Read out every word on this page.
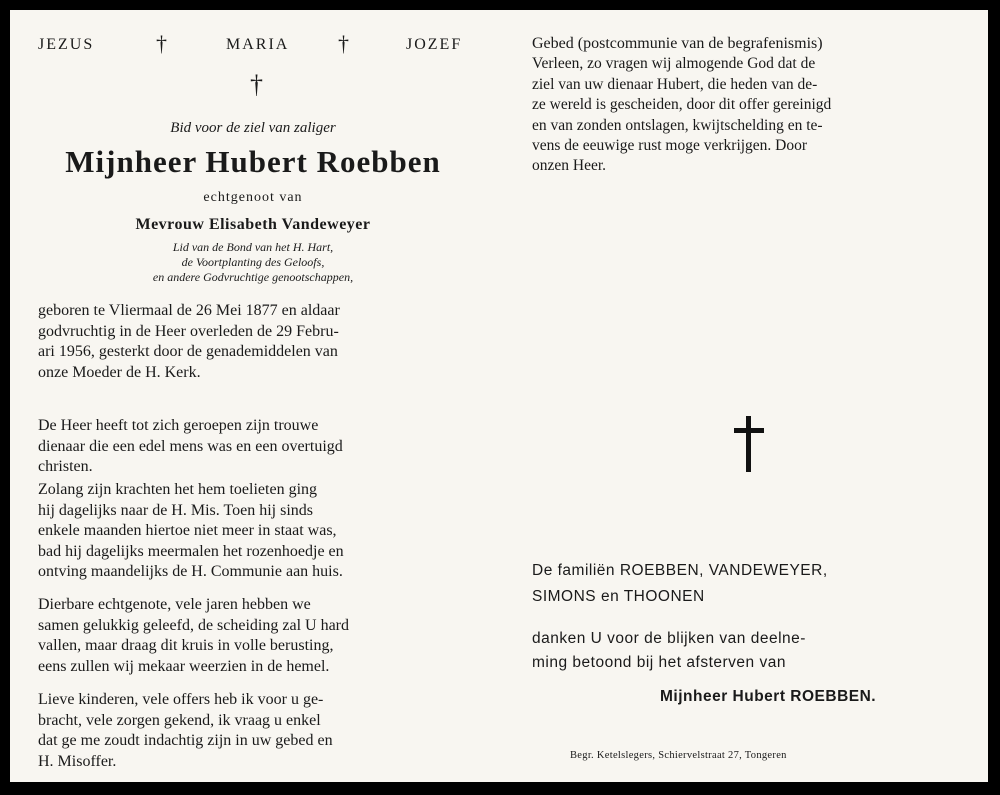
JEZUS	†	MARIA †	JOZEF
†
Bid voor de ziel van zaliger
Mijnheer Hubert Roebben
echtgenoot van
Mevrouw Elisabeth Vandeweyer
Lid van de Bond van het H. Hart,
de Voortplanting des Geloofs,
en andere Godvruchtige genootschappen,
geboren te Vliermaal de 26 Mei 1877 en aldaar
godvruchtig in de Heer overleden de 29 Febru-
ari 1956, gesterkt door de genademiddelen van
onze Moeder de H. Kerk.
De Heer heeft tot zich geroepen zijn trouwe
dienaar die een edel mens was en een overtuigd
christen.
Zolang zijn krachten het hem toelieten ging
hij dagelijks naar de H. Mis. Toen hij sinds
enkele maanden hiertoe niet meer in staat was,
bad hij dagelijks meermalen het rozenhoedje en
ontving maandelijks de H. Communie aan huis.
Dierbare echtgenote, vele jaren hebben we
samen gelukkig geleefd, de scheiding zal U hard
vallen, maar draag dit kruis in volle berusting,
eens zullen wij mekaar weerzien in de hemel.
Lieve kinderen, vele offers heb ik voor u ge-
bracht, vele zorgen gekend, ik vraag u enkel
dat ge me zoudt indachtig zijn in uw gebed en
H. Misoffer.
Gebed (postcommunie van de begrafenismis)
Verleen, zo vragen wij almogende God dat de
ziel van uw dienaar Hubert, die heden van de-
ze wereld is gescheiden, door dit offer gereinigd
en van zonden ontslagen, kwijtschelding en te-
vens de eeuwige rust moge verkrijgen. Door
onzen Heer.
De familiën ROEBBEN, VANDEWEYER,
SIMONS en THOONEN
danken U voor de blijken van deelne-
ming betoond bij het afsterven van
Mijnheer Hubert ROEBBEN.
Begr. Ketelslegers, Schiervelstraat 27, Tongeren
